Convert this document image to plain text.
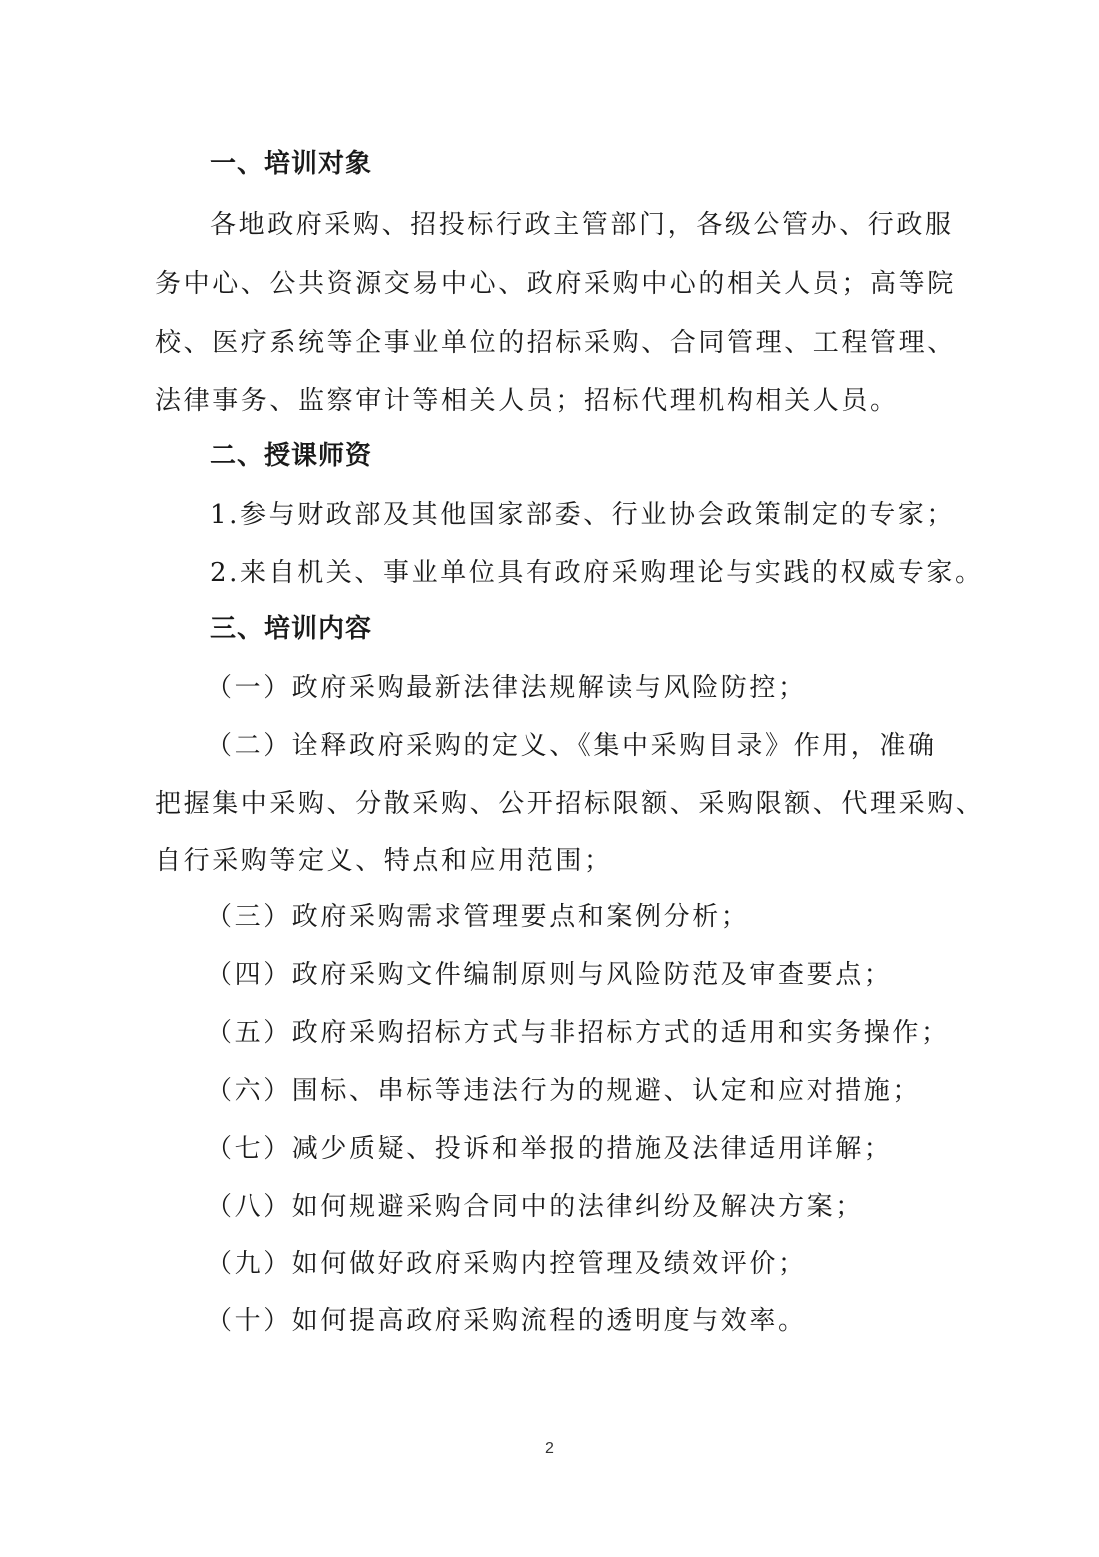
一、培训对象
各地政府采购、招投标行政主管部门，各级公管办、行政服
务中心、公共资源交易中心、政府采购中心的相关人员；高等院
校、医疗系统等企事业单位的招标采购、合同管理、工程管理、
法律事务、监察审计等相关人员；招标代理机构相关人员。
二、授课师资
1.参与财政部及其他国家部委、行业协会政策制定的专家；
2.来自机关、事业单位具有政府采购理论与实践的权威专家。
三、培训内容
（一）政府采购最新法律法规解读与风险防控；
（二）诠释政府采购的定义、《集中采购目录》作用，准确
把握集中采购、分散采购、公开招标限额、采购限额、代理采购、
自行采购等定义、特点和应用范围；
（三）政府采购需求管理要点和案例分析；
（四）政府采购文件编制原则与风险防范及审查要点；
（五）政府采购招标方式与非招标方式的适用和实务操作；
（六）围标、串标等违法行为的规避、认定和应对措施；
（七）减少质疑、投诉和举报的措施及法律适用详解；
（八）如何规避采购合同中的法律纠纷及解决方案；
（九）如何做好政府采购内控管理及绩效评价；
（十）如何提高政府采购流程的透明度与效率。
2
